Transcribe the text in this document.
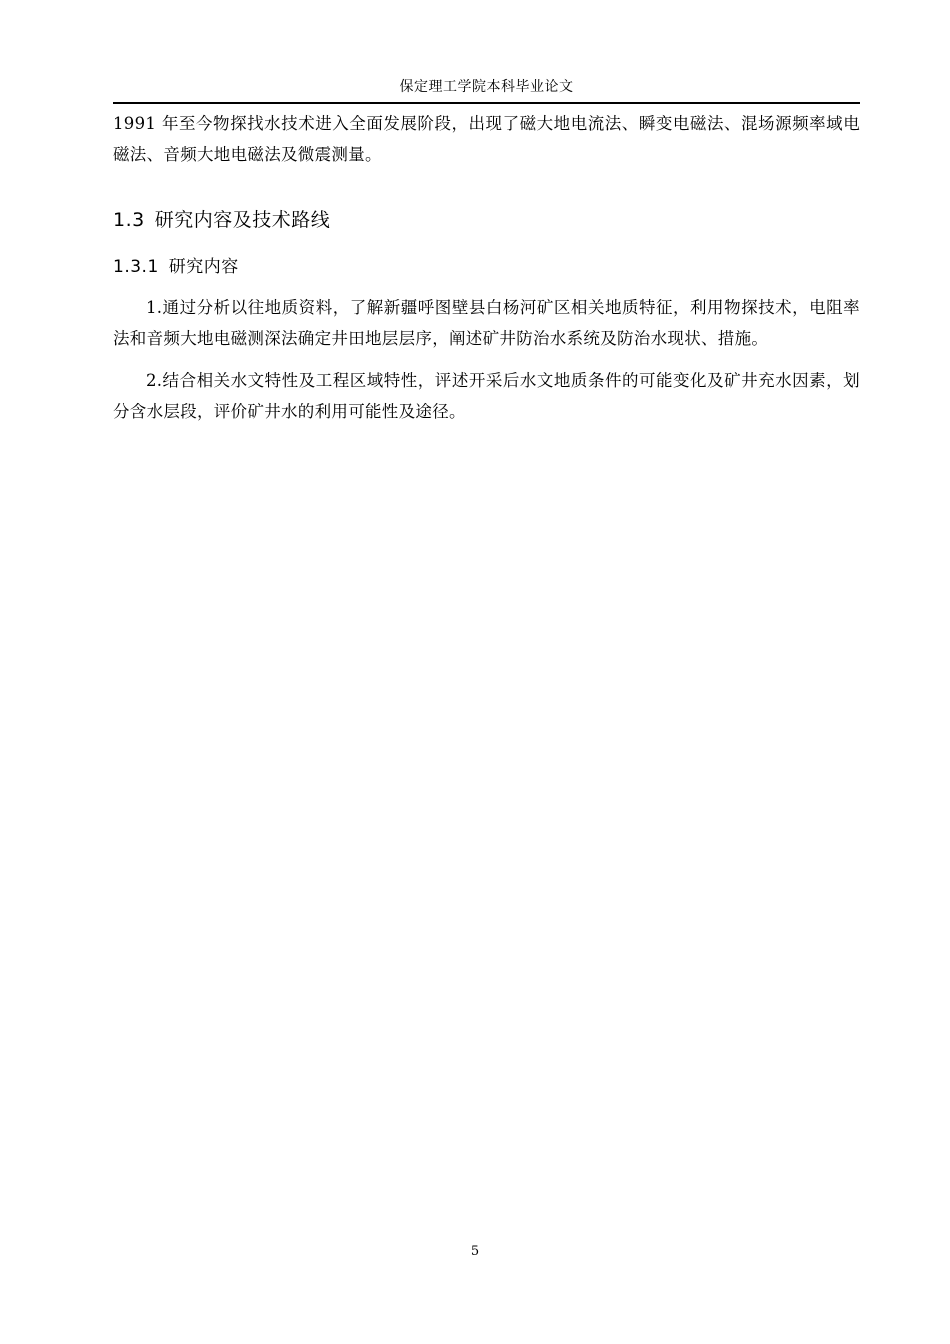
保定理工学院本科毕业论文

1991 年至今物探找水技术进入全面发展阶段，出现了磁大地电流法、瞬变电磁法、混场源频率域电磁法、音频大地电磁法及微震测量。

1.3 研究内容及技术路线
1.3.1 研究内容

1.通过分析以往地质资料，了解新疆呼图壁县白杨河矿区相关地质特征，利用物探技术，电阻率法和音频大地电磁测深法确定井田地层层序，阐述矿井防治水系统及防治水现状、措施。

2.结合相关水文特性及工程区域特性，评述开采后水文地质条件的可能变化及矿井充水因素，划分含水层段，评价矿井水的利用可能性及途径。

5
